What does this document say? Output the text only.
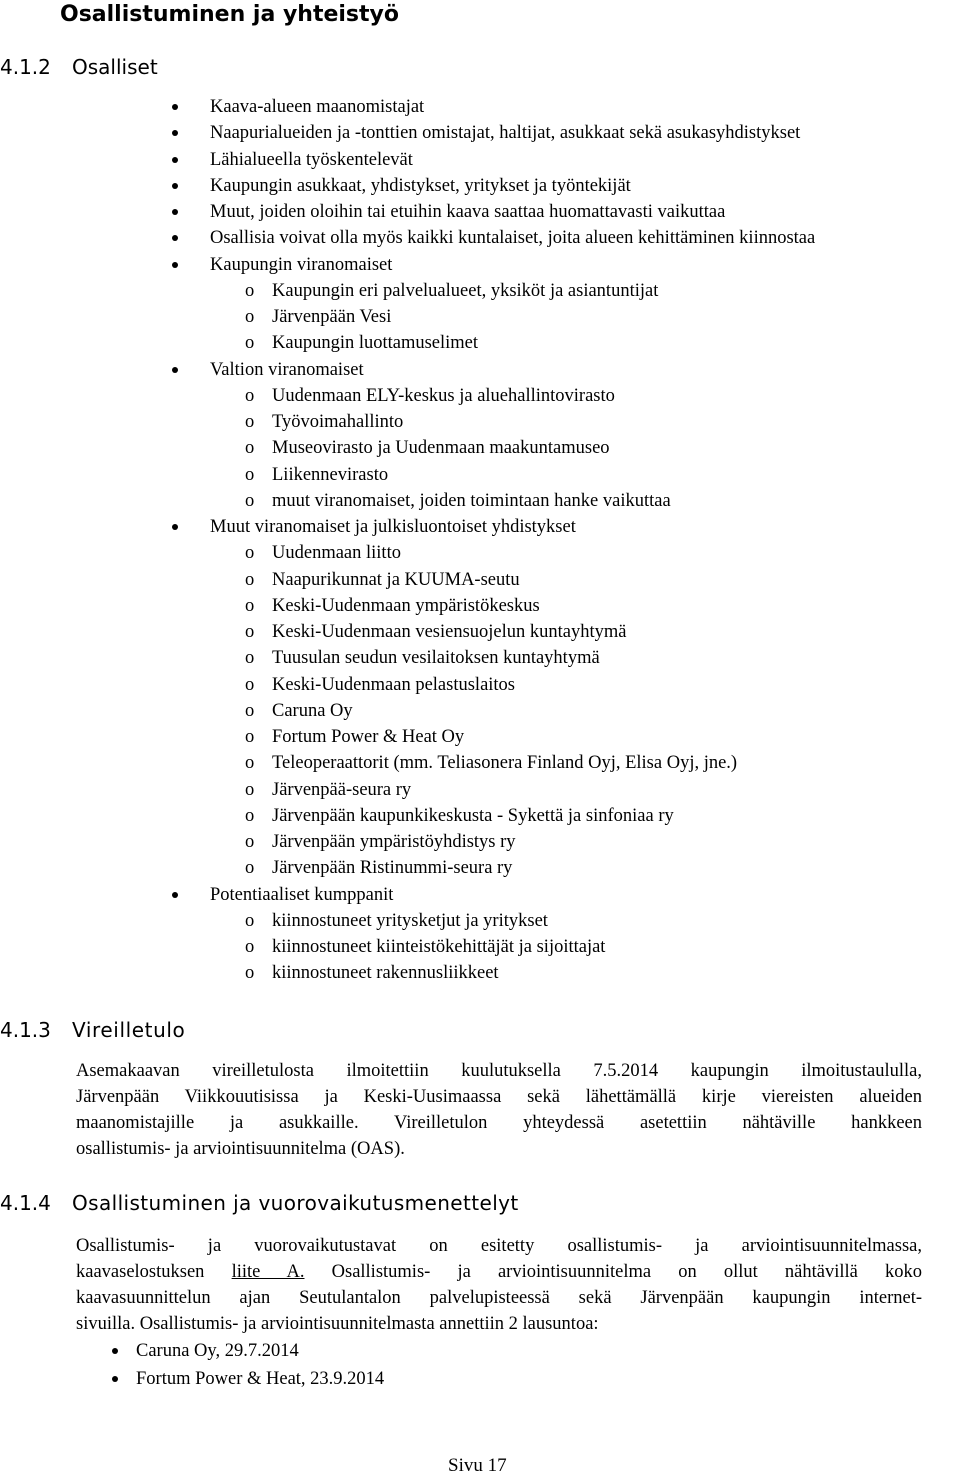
Osallistuminen ja yhteistyö
4.1.2 Osalliset
Kaava-alueen maanomistajat
Naapurialueiden ja -tonttien omistajat, haltijat, asukkaat sekä asukasyhdistykset
Lähialueella työskentelevät
Kaupungin asukkaat, yhdistykset, yritykset ja työntekijät
Muut, joiden oloihin tai etuihin kaava saattaa huomattavasti vaikuttaa
Osallisia voivat olla myös kaikki kuntalaiset, joita alueen kehittäminen kiinnostaa
Kaupungin viranomaiset
o Kaupungin eri palvelualueet, yksiköt ja asiantuntijat
o Järvenpään Vesi
o Kaupungin luottamuselimet
Valtion viranomaiset
o Uudenmaan ELY-keskus ja aluehallintovirasto
o Työvoimahallinto
o Museovirasto ja Uudenmaan maakuntamuseo
o Liikennevirasto
o muut viranomaiset, joiden toimintaan hanke vaikuttaa
Muut viranomaiset ja julkisluontoiset yhdistykset
o Uudenmaan liitto
o Naapurikunnat ja KUUMA-seutu
o Keski-Uudenmaan ympäristökeskus
o Keski-Uudenmaan vesiensuojelun kuntayhtymä
o Tuusulan seudun vesilaitoksen kuntayhtymä
o Keski-Uudenmaan pelastuslaitos
o Caruna Oy
o Fortum Power & Heat Oy
o Teleoperaattorit (mm. Teliasonera Finland Oyj, Elisa Oyj, jne.)
o Järvenpää-seura ry
o Järvenpään kaupunkikeskusta - Sykettä ja sinfoniaa ry
o Järvenpään ympäristöyhdistys ry
o Järvenpään Ristinummi-seura ry
Potentiaaliset kumppanit
o kiinnostuneet yritysketjut ja yritykset
o kiinnostuneet kiinteistökehittäjät ja sijoittajat
o kiinnostuneet rakennusliikkeet
4.1.3 Vireilletulo
Asemakaavan vireilletulosta ilmoitettiin kuulutuksella 7.5.2014 kaupungin ilmoitustaululla,
Järvenpään Viikkouutisissa ja Keski-Uusimaassa sekä lähettämällä kirje viereisten alueiden
maanomistajille ja asukkaille. Vireilletulon yhteydessä asetettiin nähtäville hankkeen
osallistumis- ja arviointisuunnitelma (OAS).
4.1.4 Osallistuminen ja vuorovaikutusmenettelyt
Osallistumis- ja vuorovaikutustavat on esitetty osallistumis- ja arviointisuunnitelmassa,
kaavaselostuksen liite A. Osallistumis- ja arviointisuunnitelma on ollut nähtävillä koko
kaavasuunnittelun ajan Seutulantalon palvelupisteessä sekä Järvenpään kaupungin internet-
sivuilla. Osallistumis- ja arviointisuunnitelmasta annettiin 2 lausuntoa:
Caruna Oy, 29.7.2014
Fortum Power & Heat, 23.9.2014
Sivu 17
